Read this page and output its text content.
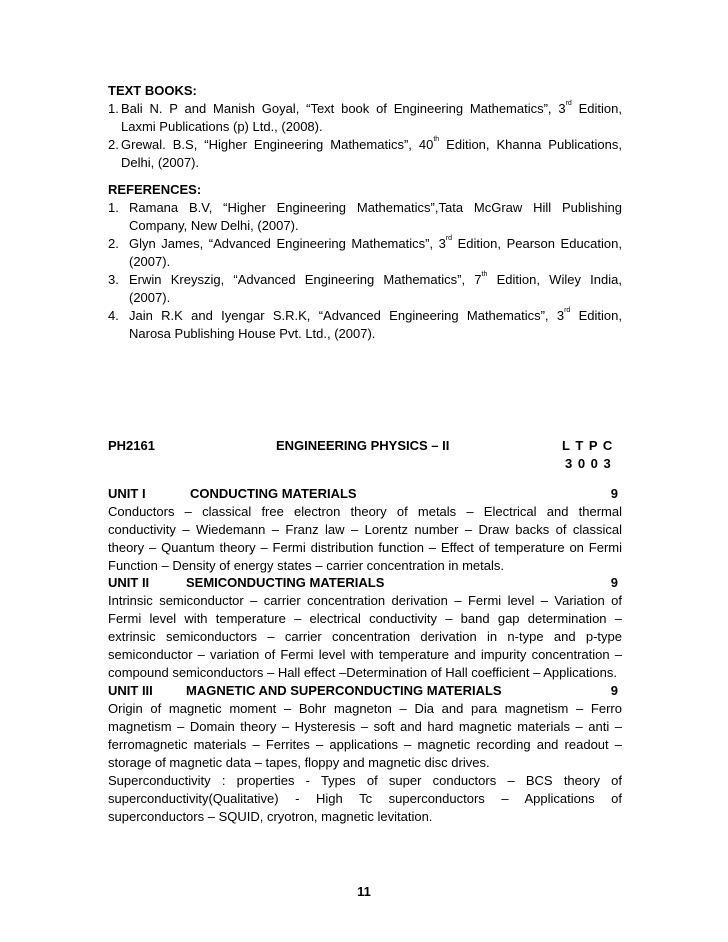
TEXT BOOKS:
1. Bali N. P and Manish Goyal, “Text book of Engineering Mathematics”, 3rd Edition,
Laxmi Publications (p) Ltd., (2008).
2. Grewal. B.S, “Higher Engineering Mathematics”, 40th Edition, Khanna Publications,
Delhi, (2007).
REFERENCES:
1. Ramana B.V, “Higher Engineering Mathematics”,Tata McGraw Hill Publishing
Company, New Delhi, (2007).
2. Glyn James, “Advanced Engineering Mathematics”, 3rd Edition, Pearson Education,
(2007).
3. Erwin Kreyszig, “Advanced Engineering Mathematics”, 7th Edition, Wiley India,
(2007).
4. Jain R.K and Iyengar S.R.K, “Advanced Engineering Mathematics”, 3rd Edition,
Narosa Publishing House Pvt. Ltd., (2007).
PH2161	ENGINEERING PHYSICS – II	L T P C
3 0 0 3
UNIT I	CONDUCTING MATERIALS	9

Conductors – classical free electron theory of metals – Electrical and thermal

conductivity – Wiedemann – Franz law – Lorentz number – Draw backs of classical

theory – Quantum theory – Fermi distribution function – Effect of temperature on Fermi

Function – Density of energy states – carrier concentration in metals.

UNIT II	SEMICONDUCTING MATERIALS	9

Intrinsic semiconductor – carrier concentration derivation – Fermi level – Variation of

Fermi level with temperature – electrical conductivity – band gap determination –

extrinsic semiconductors – carrier concentration derivation in n-type and p-type

semiconductor – variation of Fermi level with temperature and impurity concentration –

compound semiconductors – Hall effect –Determination of Hall coefficient – Applications.

UNIT III	MAGNETIC AND SUPERCONDUCTING MATERIALS	9

Origin of magnetic moment – Bohr magneton – Dia and para magnetism – Ferro

magnetism – Domain theory – Hysteresis – soft and hard magnetic materials – anti –

ferromagnetic materials – Ferrites – applications – magnetic recording and readout –

storage of magnetic data – tapes, floppy and magnetic disc drives.

Superconductivity : properties - Types of super conductors – BCS theory of

superconductivity(Qualitative) - High Tc superconductors – Applications of

superconductors – SQUID, cryotron, magnetic levitation.

11
